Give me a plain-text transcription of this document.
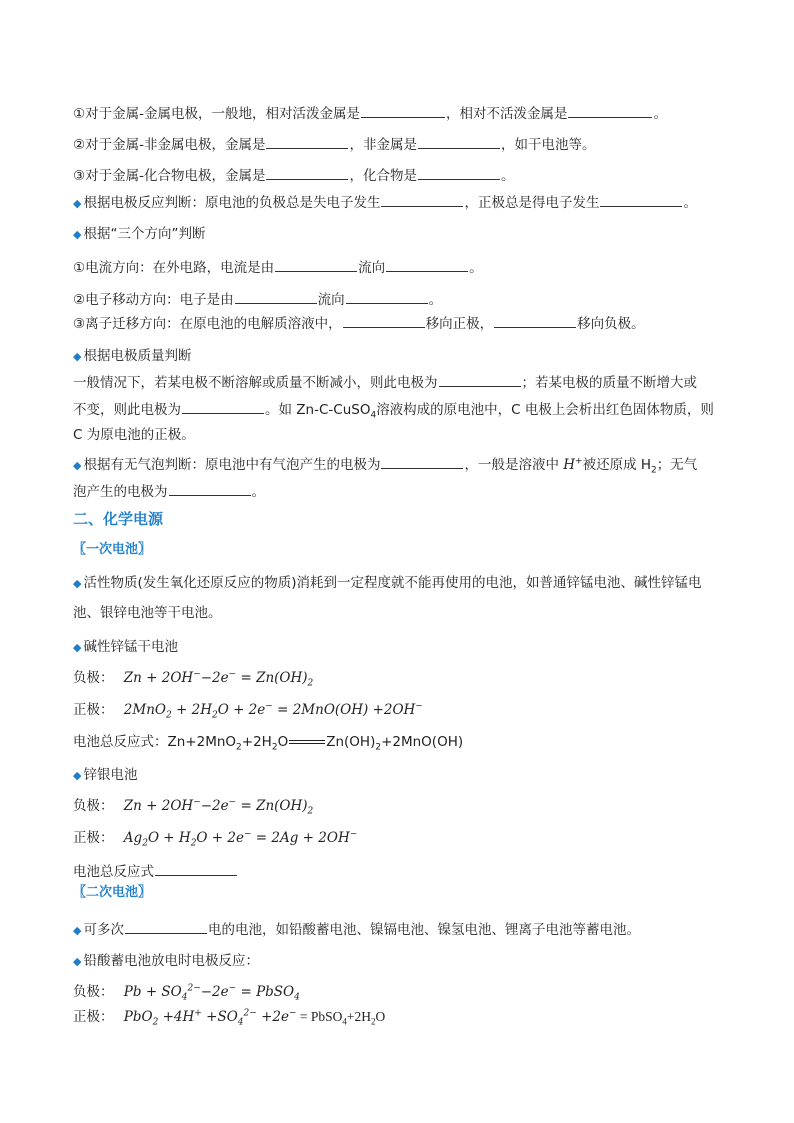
①对于金属-金属电极，一般地，相对活泼金属是	，相对不活泼金属是	。
②对于金属-非金属电极，金属是	，非金属是	，如干电池等。
③对于金属-化合物电极，金属是	，化合物是	。
◆ 根据电极反应判断：原电池的负极总是失电子发生	，正极总是得电子发生	。
◆ 根据“三个方向”判断
①电流方向：在外电路，电流是由	流向	。
②电子移动方向：电子是由	流向	。
③离子迁移方向：在原电池的电解质溶液中，	移向正极，	移向负极。
◆ 根据电极质量判断
一般情况下，若某电极不断溶解或质量不断减小，则此电极为	；若某电极的质量不断增大或
不变，则此电极为	。如 Zn-C-CuSO$_4$溶液构成的原电池中，C 电极上会析出红色固体物质，则
C 为原电池的正极。
◆ 根据有无气泡判断：原电池中有气泡产生的电极为	，一般是溶液中 H+被还原成 $H_2$；无气
泡产生的电极为	。
二、化学电源
〖一次电池〗
◆ 活性物质(发生氧化还原反应的物质)消耗到一定程度就不能再使用的电池，如普通锌锰电池、碱性锌锰电
池、银锌电池等干电池。
◆ 碱性锌锰干电池
负极： $Zn + 2OH^--2e^- = Zn(OH)_2$
正极： $2MnO_2 + 2H_2O + 2e^- = 2MnO(OH) +2OH^-$
电池总反应式：$Zn+2MnO_2+2H_2O$	$Zn(OH)_2+2MnO(OH)$
◆ 锌银电池
负极： $Zn + 2OH^--2e^- = Zn(OH)_2$
正极： $Ag_2O + H_2O + 2e^- = 2Ag + 2OH^-$
电池总反应式
〖二次电池〗
◆ 可多次	电的电池，如铅酸蓄电池、镍镉电池、镍氢电池、锂离子电池等蓄电池。
◆ 铅酸蓄电池放电时电极反应：
负极： $Pb + SO_4^{2-}-2e^-$ = PbSO$_4$
正极： $PbO_2 +4H^+ +SO_4^{2-} +2e^-$ = $PbSO_4+2H_2O$
